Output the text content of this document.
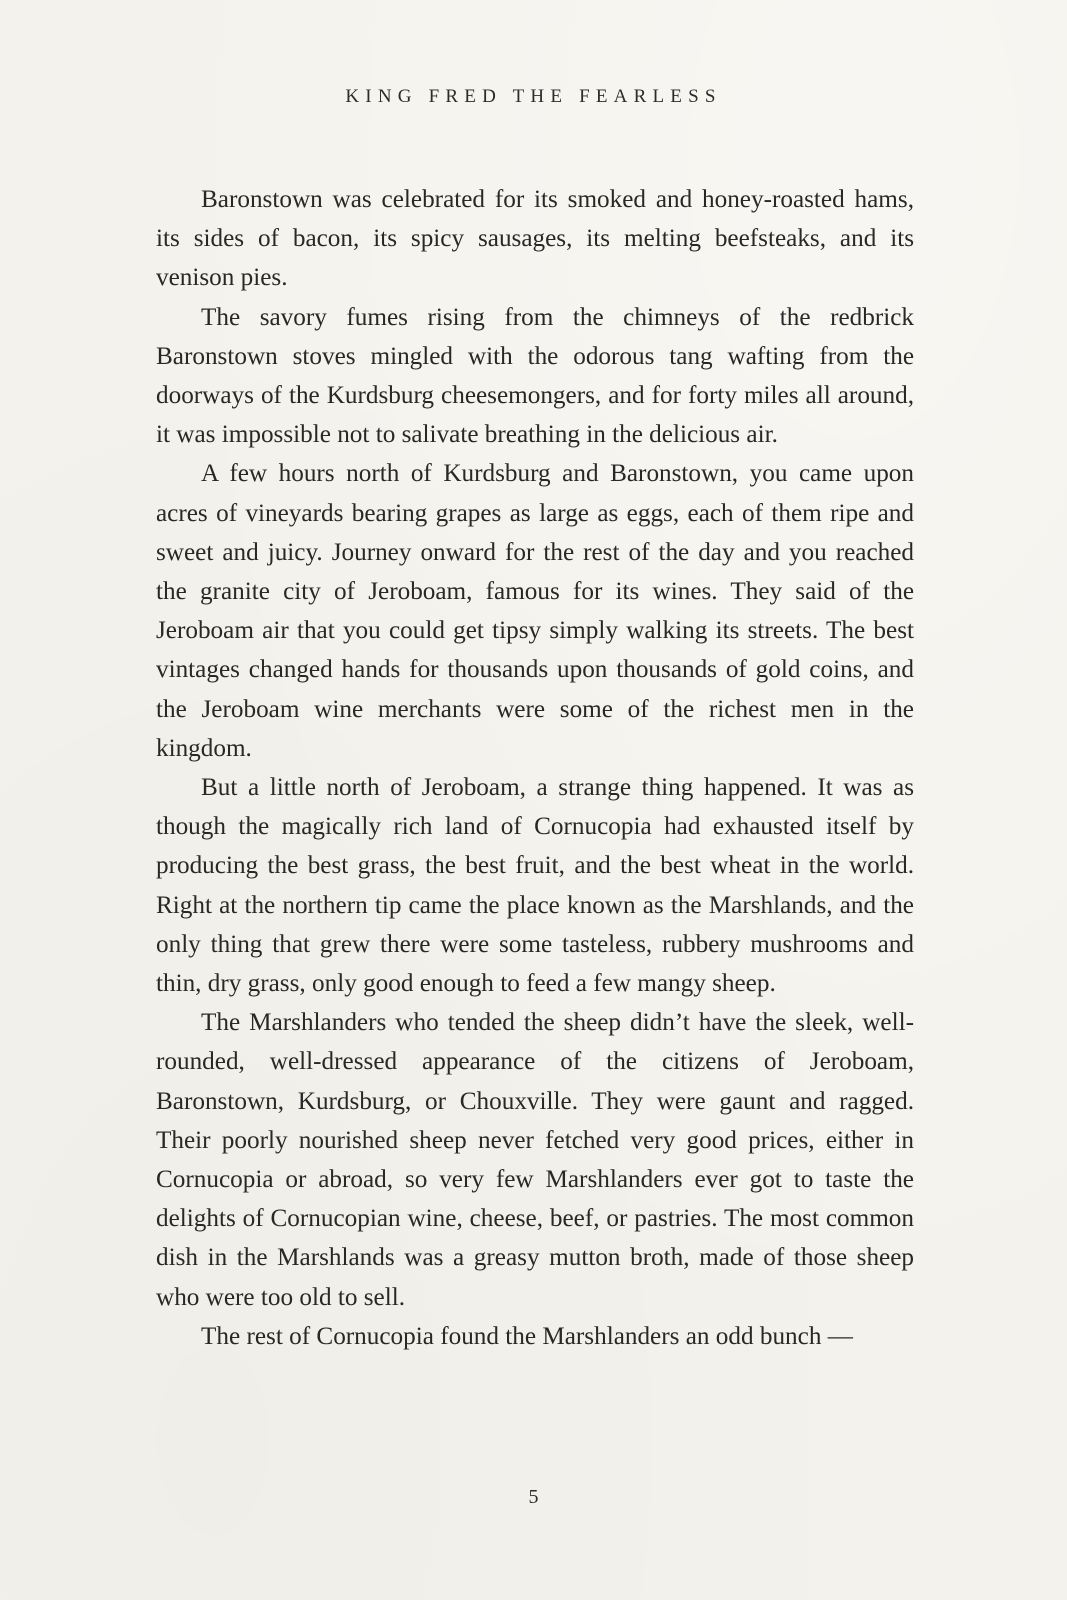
KING FRED THE FEARLESS

Baronstown was celebrated for its smoked and honey-roasted hams, its sides of bacon, its spicy sausages, its melting beefsteaks, and its venison pies.

The savory fumes rising from the chimneys of the redbrick Baronstown stoves mingled with the odorous tang wafting from the doorways of the Kurdsburg cheesemongers, and for forty miles all around, it was impossible not to salivate breathing in the delicious air.

A few hours north of Kurdsburg and Baronstown, you came upon acres of vineyards bearing grapes as large as eggs, each of them ripe and sweet and juicy. Journey onward for the rest of the day and you reached the granite city of Jeroboam, famous for its wines. They said of the Jeroboam air that you could get tipsy simply walking its streets. The best vintages changed hands for thousands upon thousands of gold coins, and the Jeroboam wine merchants were some of the richest men in the kingdom.

But a little north of Jeroboam, a strange thing happened. It was as though the magically rich land of Cornucopia had exhausted itself by producing the best grass, the best fruit, and the best wheat in the world. Right at the northern tip came the place known as the Marshlands, and the only thing that grew there were some tasteless, rubbery mushrooms and thin, dry grass, only good enough to feed a few mangy sheep.

The Marshlanders who tended the sheep didn’t have the sleek, well-rounded, well-dressed appearance of the citizens of Jeroboam, Baronstown, Kurdsburg, or Chouxville. They were gaunt and ragged. Their poorly nourished sheep never fetched very good prices, either in Cornucopia or abroad, so very few Marshlanders ever got to taste the delights of Cornucopian wine, cheese, beef, or pastries. The most common dish in the Marshlands was a greasy mutton broth, made of those sheep who were too old to sell.

The rest of Cornucopia found the Marshlanders an odd bunch —

5
